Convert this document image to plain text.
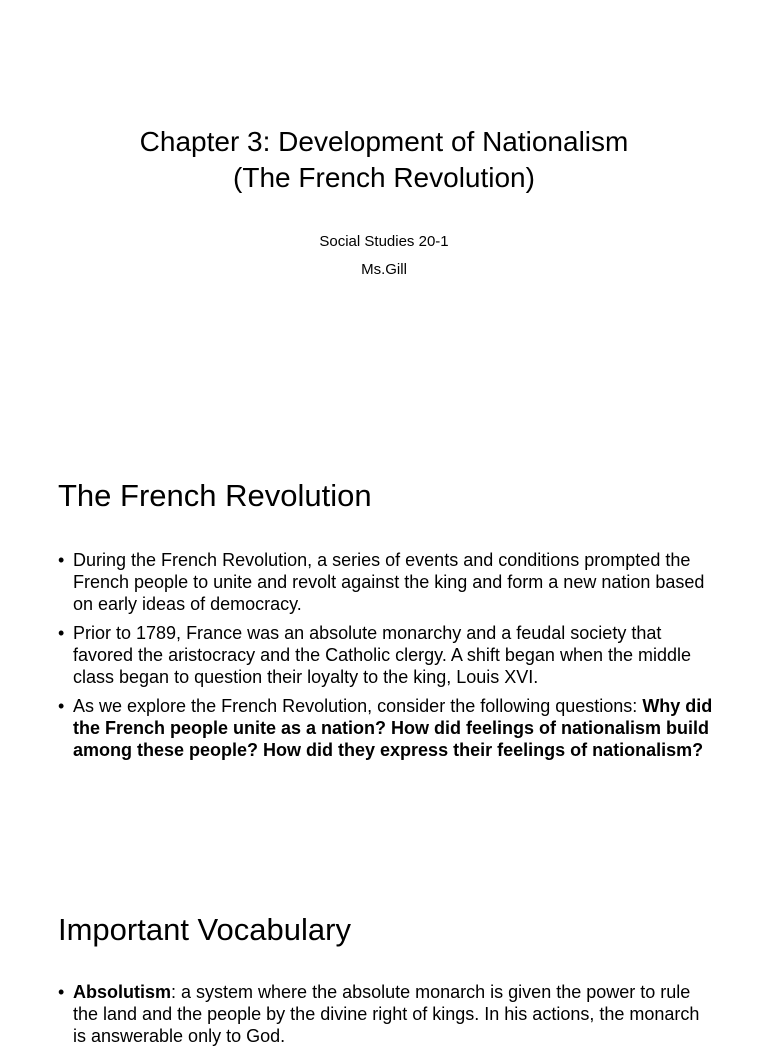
Chapter 3: Development of Nationalism
(The French Revolution)
Social Studies 20-1
Ms.Gill
The French Revolution
• During the French Revolution, a series of events and conditions prompted the French people to unite and revolt against the king and form a new nation based on early ideas of democracy.
• Prior to 1789, France was an absolute monarchy and a feudal society that favored the aristocracy and the Catholic clergy. A shift began when the middle class began to question their loyalty to the king, Louis XVI.
• As we explore the French Revolution, consider the following questions: Why did the French people unite as a nation? How did feelings of nationalism build among these people? How did they express their feelings of nationalism?
Important Vocabulary
• Absolutism: a system where the absolute monarch is given the power to rule the land and the people by the divine right of kings. In his actions, the monarch is answerable only to God.
